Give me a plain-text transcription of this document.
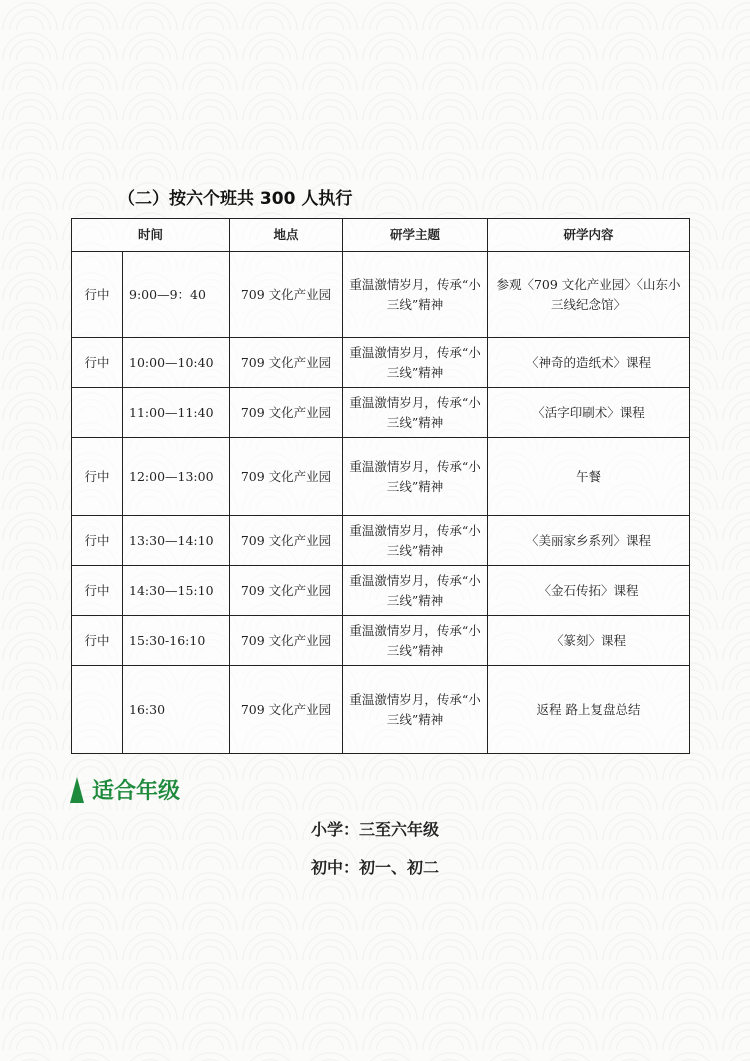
（二）按六个班共 300 人执行
时间		地点	研学主题	研学内容
行中	9:00—9：40	709 文化产业园	重温激情岁月，传承“小三线”精神	参观〈709 文化产业园〉〈山东小三线纪念馆〉
行中	10:00—10:40	709 文化产业园	重温激情岁月，传承“小三线”精神	〈神奇的造纸术〉课程
	11:00—11:40	709 文化产业园	重温激情岁月，传承“小三线”精神	〈活字印刷术〉课程
行中	12:00—13:00	709 文化产业园	重温激情岁月，传承“小三线”精神	午餐
行中	13:30—14:10	709 文化产业园	重温激情岁月，传承“小三线”精神	〈美丽家乡系列〉课程
行中	14:30—15:10	709 文化产业园	重温激情岁月，传承“小三线”精神	〈金石传拓〉课程
行中	15:30-16:10	709 文化产业园	重温激情岁月，传承“小三线”精神	〈篆刻〉课程
	16:30	709 文化产业园	重温激情岁月，传承“小三线”精神	返程 路上复盘总结
适合年级
小学：三至六年级
初中：初一、初二
